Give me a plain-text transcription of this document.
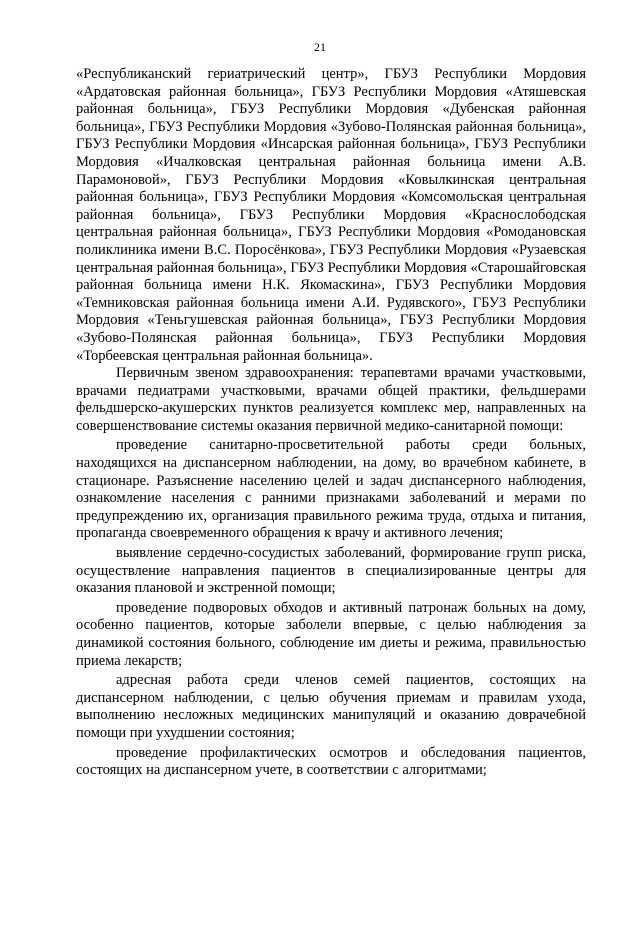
21

«Республиканский гериатрический центр», ГБУЗ Республики Мордовия «Ардатовская районная больница», ГБУЗ Республики Мордовия «Атяшевская районная больница», ГБУЗ Республики Мордовия «Дубенская районная больница», ГБУЗ Республики Мордовия «Зубово-Полянская районная больница», ГБУЗ Республики Мордовия «Инсарская районная больница», ГБУЗ Республики Мордовия «Ичалковская центральная районная больница имени А.В. Парамоновой», ГБУЗ Республики Мордовия «Ковылкинская центральная районная больница», ГБУЗ Республики Мордовия «Комсомольская центральная районная больница», ГБУЗ Республики Мордовия «Краснослободская центральная районная больница», ГБУЗ Республики Мордовия «Ромодановская поликлиника имени В.С. Поросёнкова», ГБУЗ Республики Мордовия «Рузаевская центральная районная больница», ГБУЗ Республики Мордовия «Старошайговская районная больница имени Н.К. Якомаскина», ГБУЗ Республики Мордовия «Темниковская районная больница имени А.И. Рудявского», ГБУЗ Республики Мордовия «Теньгушевская районная больница», ГБУЗ Республики Мордовия «Зубово-Полянская районная больница», ГБУЗ Республики Мордовия «Торбеевская центральная районная больница».

Первичным звеном здравоохранения: терапевтами врачами участковыми, врачами педиатрами участковыми, врачами общей практики, фельдшерами фельдшерско-акушерских пунктов реализуется комплекс мер, направленных на совершенствование системы оказания первичной медико-санитарной помощи:

проведение санитарно-просветительной работы среди больных, находящихся на диспансерном наблюдении, на дому, во врачебном кабинете, в стационаре. Разъяснение населению целей и задач диспансерного наблюдения, ознакомление населения с ранними признаками заболеваний и мерами по предупреждению их, организация правильного режима труда, отдыха и питания, пропаганда своевременного обращения к врачу и активного лечения;

выявление сердечно-сосудистых заболеваний, формирование групп риска, осуществление направления пациентов в специализированные центры для оказания плановой и экстренной помощи;

проведение подворовых обходов и активный патронаж больных на дому, особенно пациентов, которые заболели впервые, с целью наблюдения за динамикой состояния больного, соблюдение им диеты и режима, правильностью приема лекарств;

адресная работа среди членов семей пациентов, состоящих на диспансерном наблюдении, с целью обучения приемам и правилам ухода, выполнению несложных медицинских манипуляций и оказанию доврачебной помощи при ухудшении состояния;

проведение профилактических осмотров и обследования пациентов, состоящих на диспансерном учете, в соответствии с алгоритмами;
